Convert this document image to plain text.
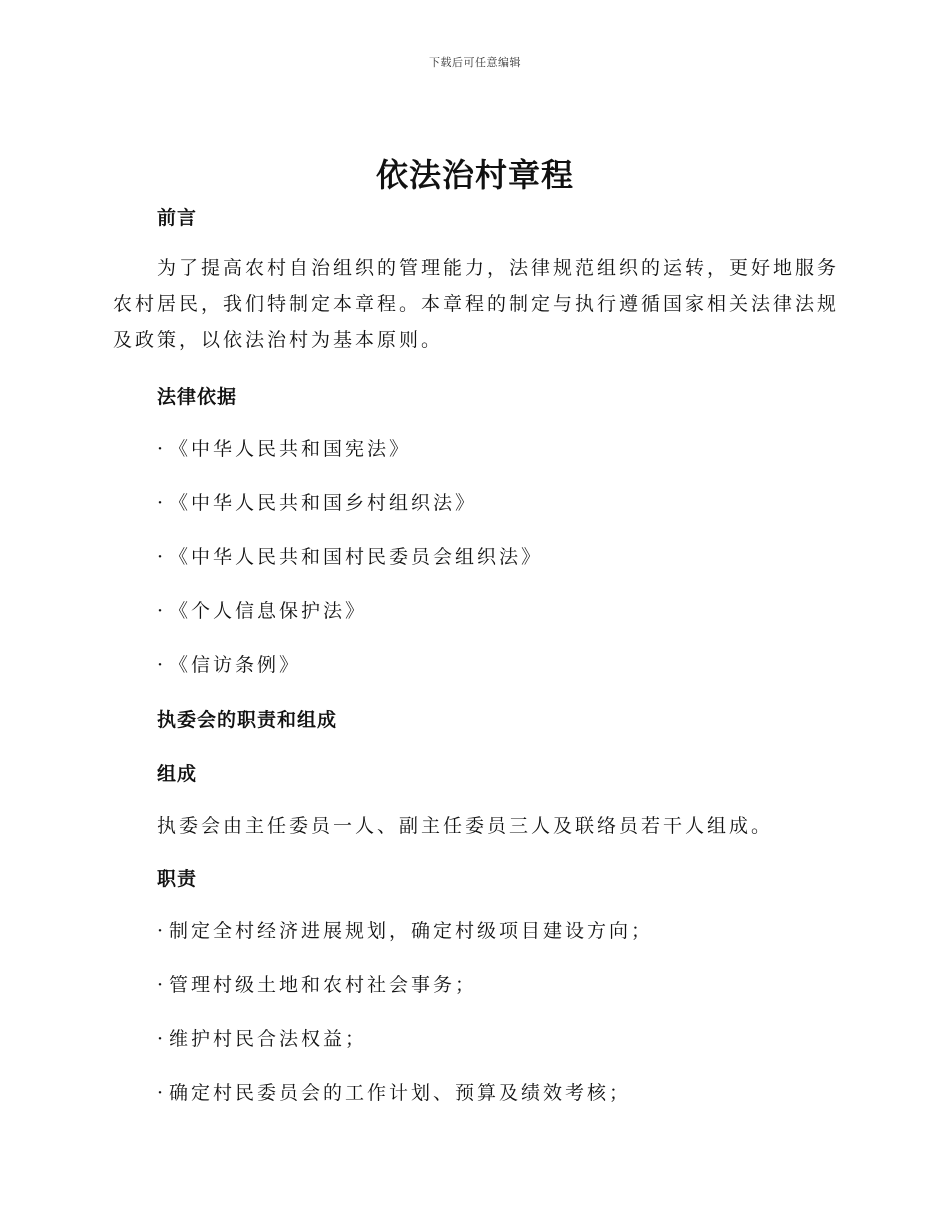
下载后可任意编辑
依法治村章程
前言
为了提高农村自治组织的管理能力，法律规范组织的运转，更好地服务农村居民，我们特制定本章程。本章程的制定与执行遵循国家相关法律法规及政策，以依法治村为基本原则。
法律依据
· 《中华人民共和国宪法》
· 《中华人民共和国乡村组织法》
· 《中华人民共和国村民委员会组织法》
· 《个人信息保护法》
· 《信访条例》
执委会的职责和组成
组成
执委会由主任委员一人、副主任委员三人及联络员若干人组成。
职责
· 制定全村经济进展规划，确定村级项目建设方向；
· 管理村级土地和农村社会事务；
· 维护村民合法权益；
· 确定村民委员会的工作计划、预算及绩效考核；
